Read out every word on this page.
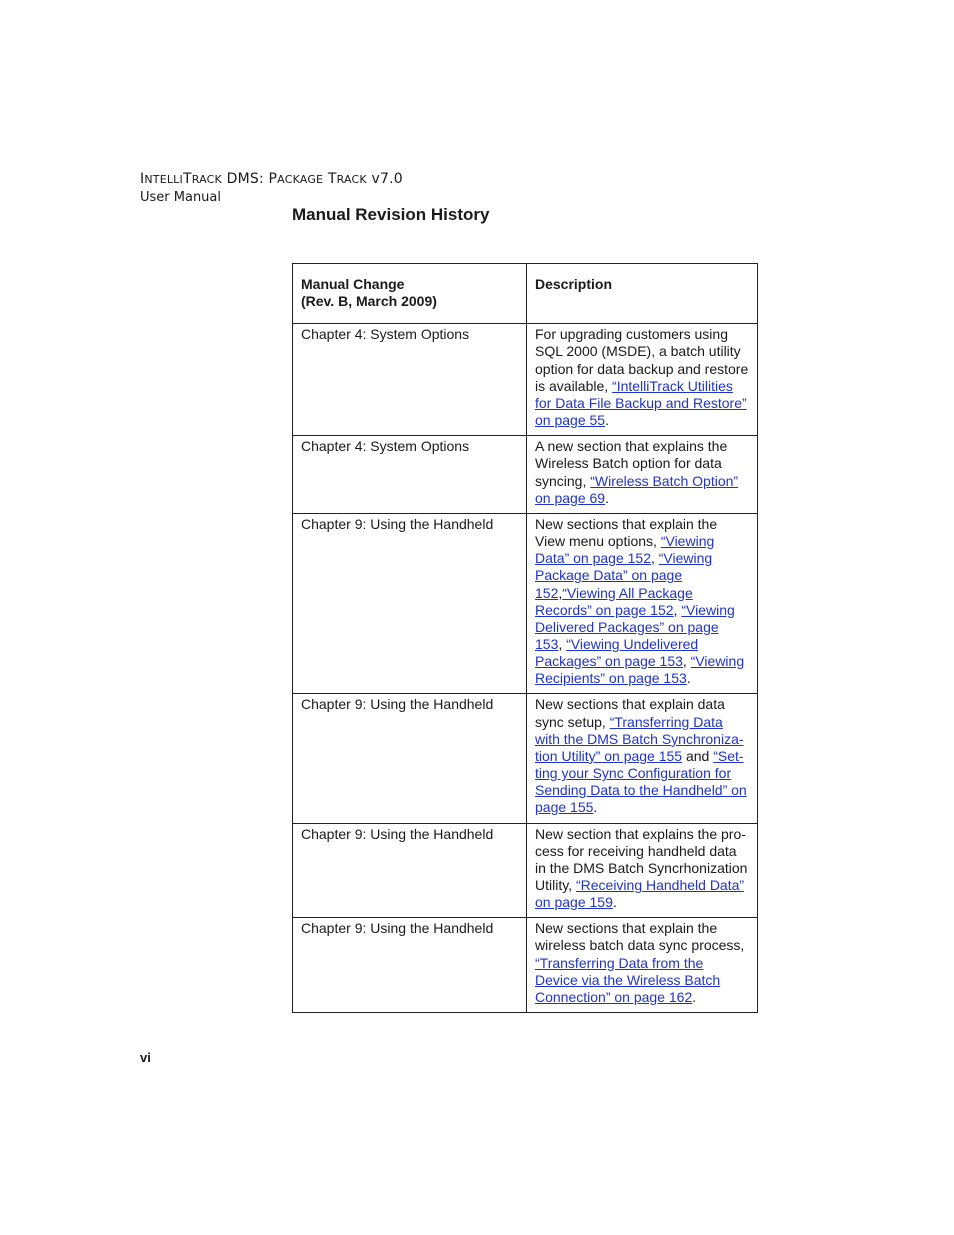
INTELLITRACK DMS: PACKAGE TRACK v7.0
User Manual
Manual Revision History
Manual Change
(Rev. B, March 2009)	Description
Chapter 4: System Options	For upgrading customers using SQL 2000 (MSDE), a batch utility option for data backup and restore is available, “IntelliTrack Utilities for Data File Backup and Restore” on page 55.
Chapter 4: System Options	A new section that explains the Wireless Batch option for data syncing, “Wireless Batch Option” on page 69.
Chapter 9: Using the Handheld	New sections that explain the View menu options, “Viewing Data” on page 152, “Viewing Package Data” on page 152,“Viewing All Package Records” on page 152, “Viewing Delivered Packages” on page 153, “Viewing Undelivered Packages” on page 153, “Viewing Recipients” on page 153.
Chapter 9: Using the Handheld	New sections that explain data sync setup, “Transferring Data with the DMS Batch Synchronization Utility” on page 155 and “Setting your Sync Configuration for Sending Data to the Handheld” on page 155.
Chapter 9: Using the Handheld	New section that explains the process for receiving handheld data in the DMS Batch Syncrhonization Utility, “Receiving Handheld Data” on page 159.
Chapter 9: Using the Handheld	New sections that explain the wireless batch data sync process, “Transferring Data from the Device via the Wireless Batch Connection” on page 162.
vi
